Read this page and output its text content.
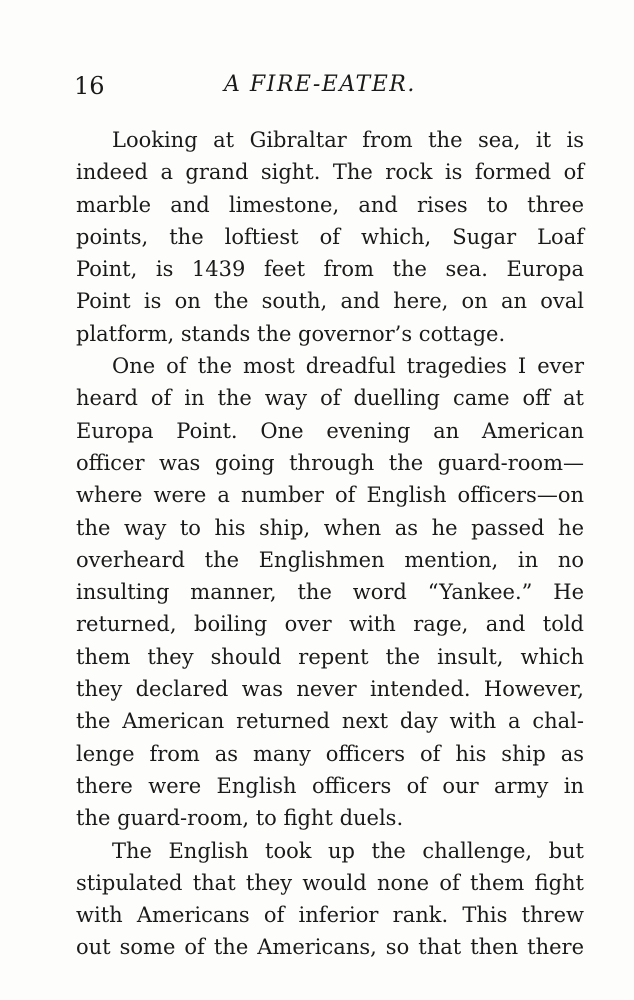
16	A FIRE-EATER.
Looking at Gibraltar from the sea, it is
indeed a grand sight. The rock is formed of
marble and limestone, and rises to three
points, the loftiest of which, Sugar Loaf
Point, is 1439 feet from the sea. Europa
Point is on the south, and here, on an oval
platform, stands the governor’s cottage.
One of the most dreadful tragedies I ever
heard of in the way of duelling came off at
Europa Point. One evening an American
officer was going through the guard-room—
where were a number of English officers—on
the way to his ship, when as he passed he
overheard the Englishmen mention, in no
insulting manner, the word “Yankee.” He
returned, boiling over with rage, and told
them they should repent the insult, which
they declared was never intended. However,
the American returned next day with a chal-
lenge from as many officers of his ship as
there were English officers of our army in
the guard-room, to fight duels.
The English took up the challenge, but
stipulated that they would none of them fight
with Americans of inferior rank. This threw
out some of the Americans, so that then there
